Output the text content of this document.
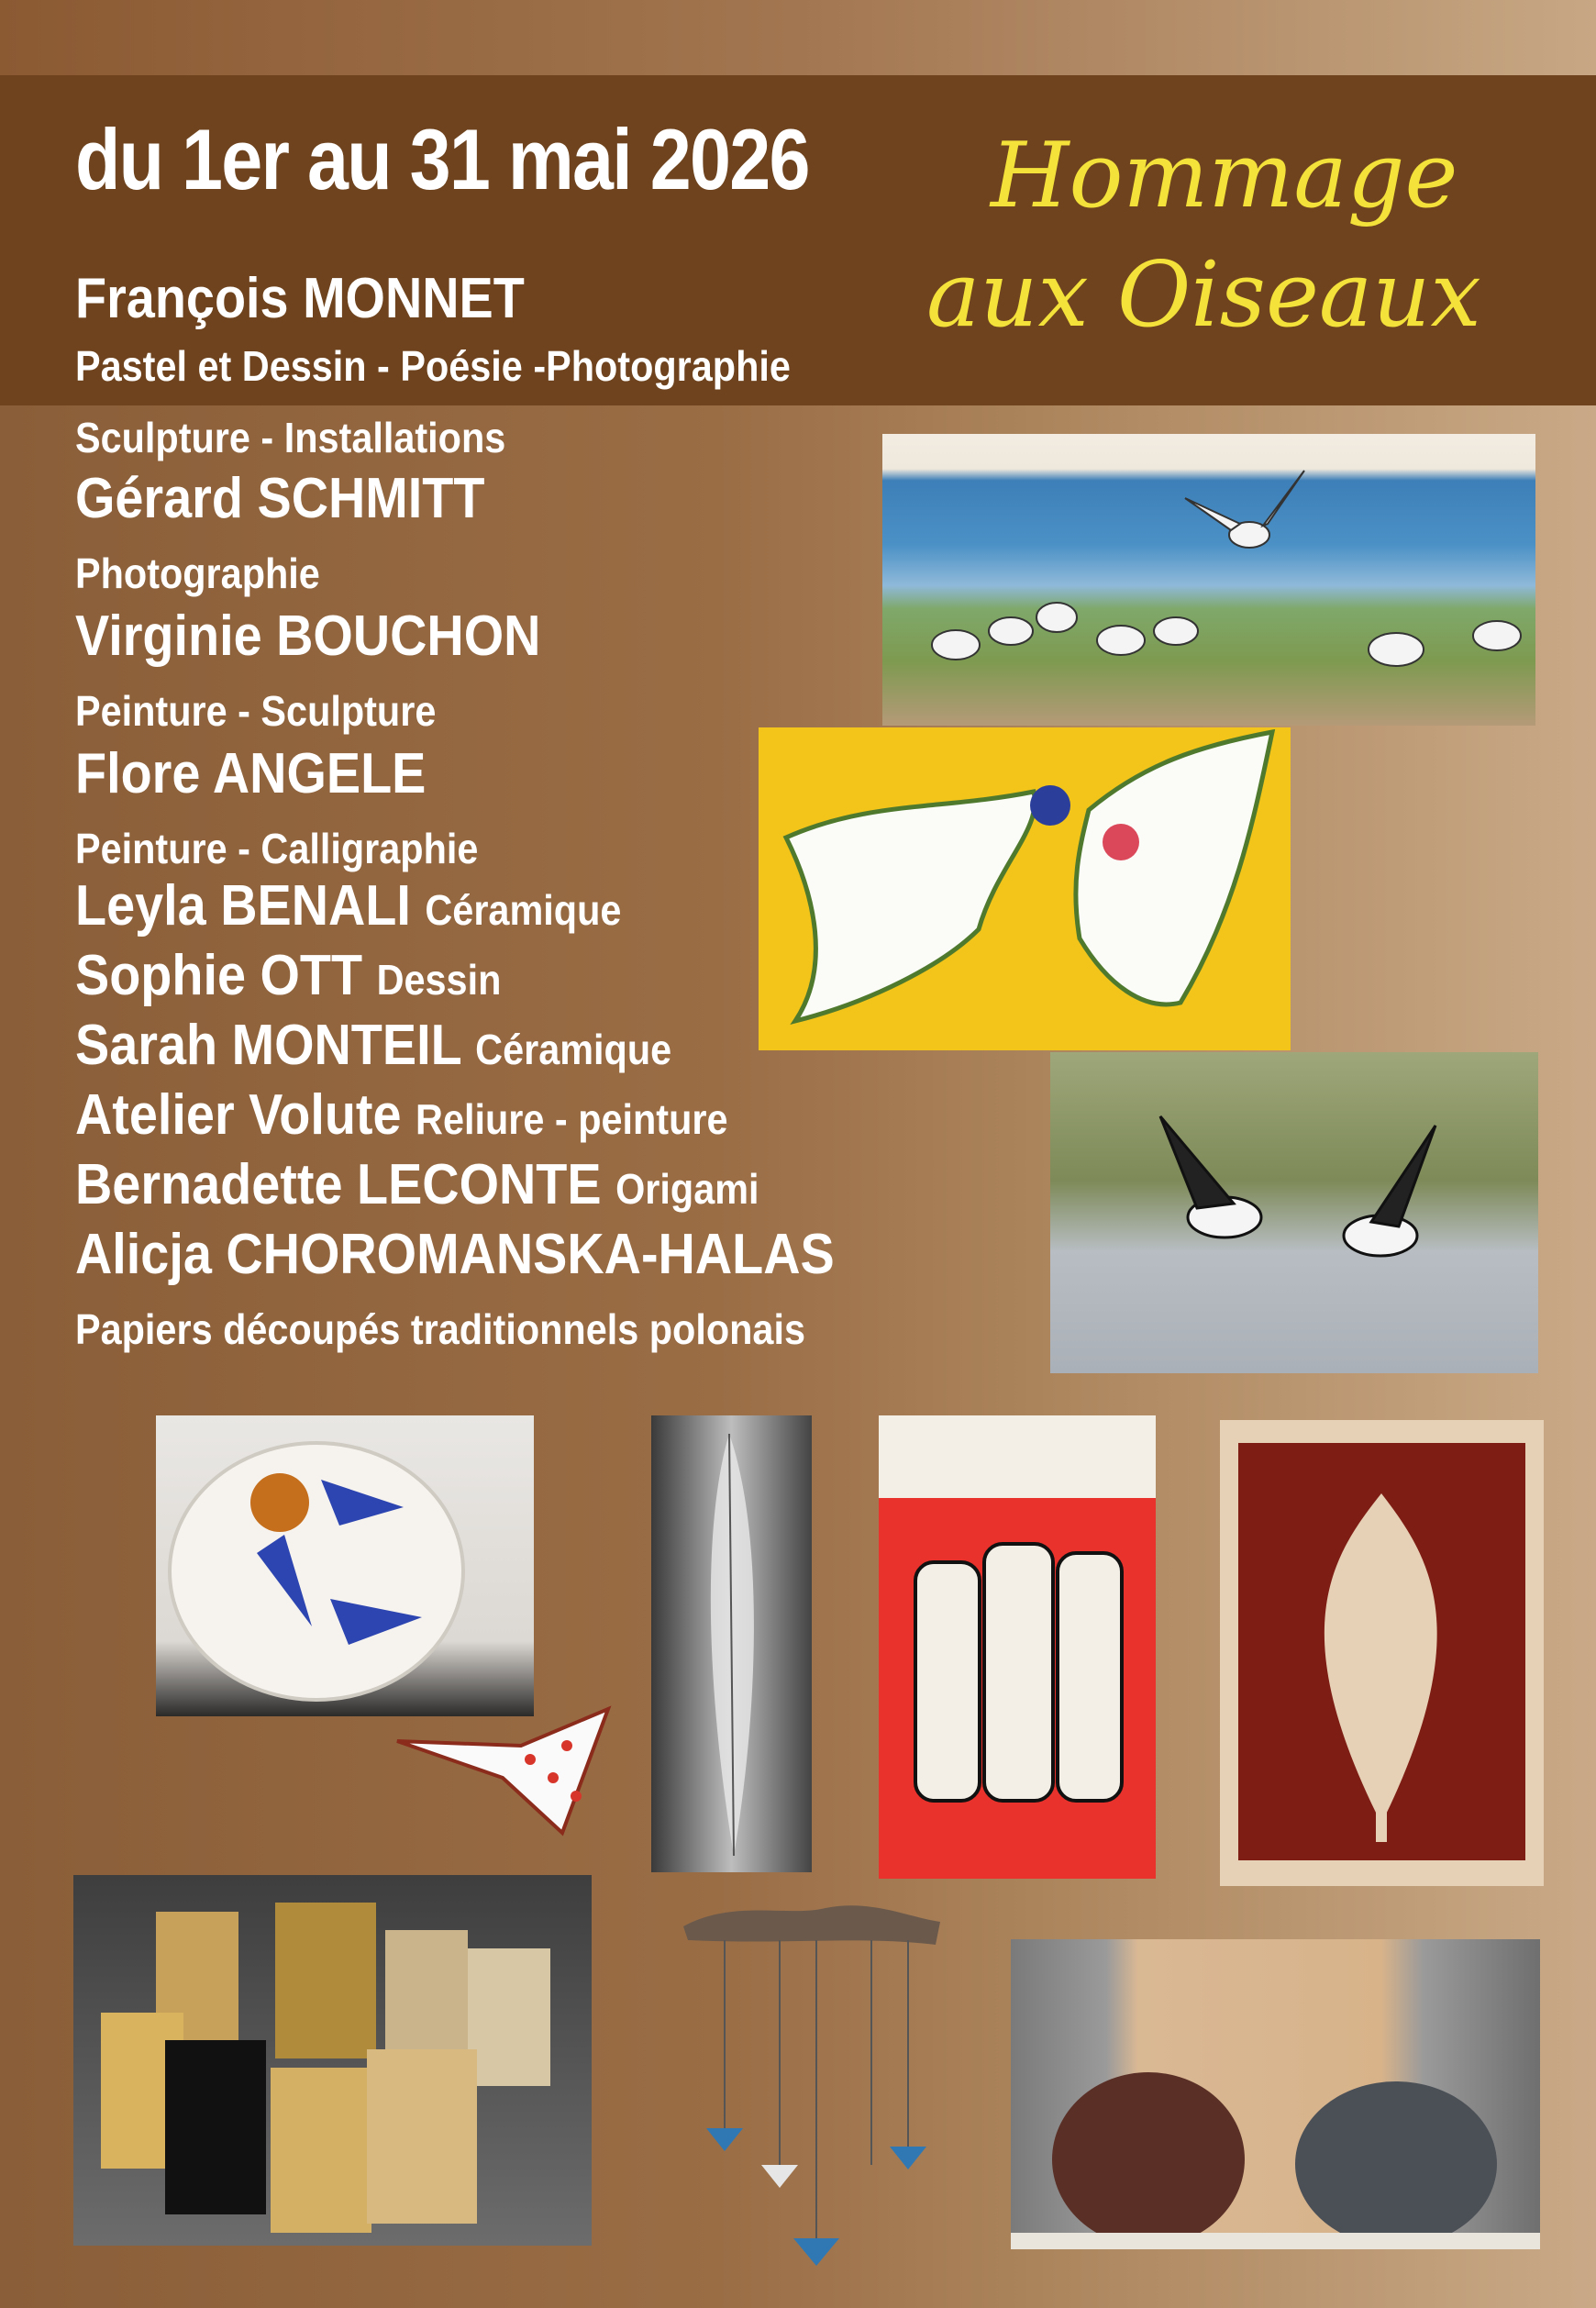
du 1er au 31 mai 2026 Hommage
aux Oiseaux
François MONNET
Pastel et Dessin - Poésie -Photographie
Sculpture - Installations
Gérard SCHMITT
Photographie
Virginie BOUCHON
Peinture - Sculpture
Flore ANGELE
Peinture - Calligraphie
Leyla BENALI Céramique
Sophie OTT Dessin
Sarah MONTEIL Céramique
Atelier Volute Reliure - peinture
Bernadette LECONTE Origami
Alicja CHOROMANSKA-HALAS
Papiers découpés traditionnels polonais
